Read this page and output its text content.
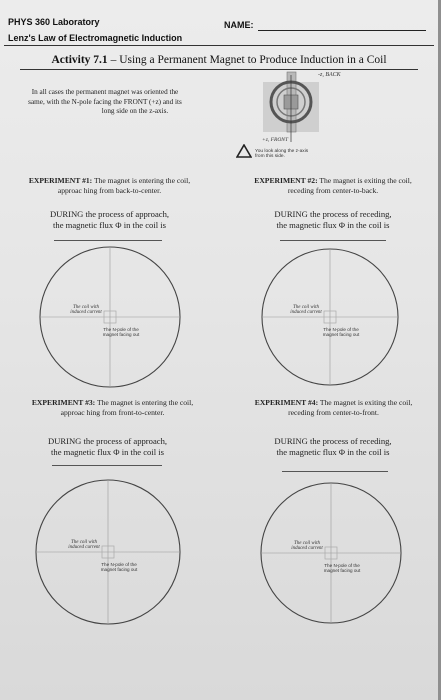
PHYS 360 Laboratory
Lenz's Law of Electromagnetic Induction
NAME:
Activity 7.1 – Using a Permanent Magnet to Produce Induction in a Coil
In all cases the permanent magnet was oriented the
same, with the N-pole facing the FRONT (+z) and its
long side on the z-axis.
-z, BACK
+z, FRONT
You look along the z-axis
from this side.
EXPERIMENT #1: The magnet is entering the coil,
approac hing from back-to-center.
DURING the process of approach,
the magnetic flux Φ in the coil is
EXPERIMENT #2: The magnet is exiting the coil,
receding from center-to-back.
DURING the process of receding,
the magnetic flux Φ in the coil is
EXPERIMENT #3: The magnet is entering the coil,
approac hing from front-to-center.
DURING the process of approach,
the magnetic flux Φ in the coil is
EXPERIMENT #4: The magnet is exiting the coil,
receding from center-to-front.
DURING the process of receding,
the magnetic flux Φ in the coil is
The coil with
induced current
The N-pole of the
magnet facing out
The coil with
induced current
The N-pole of the
magnet facing out
The coil with
induced current
The N-pole of the
magnet facing out
The coil with
induced current
The N-pole of the
magnet facing out
